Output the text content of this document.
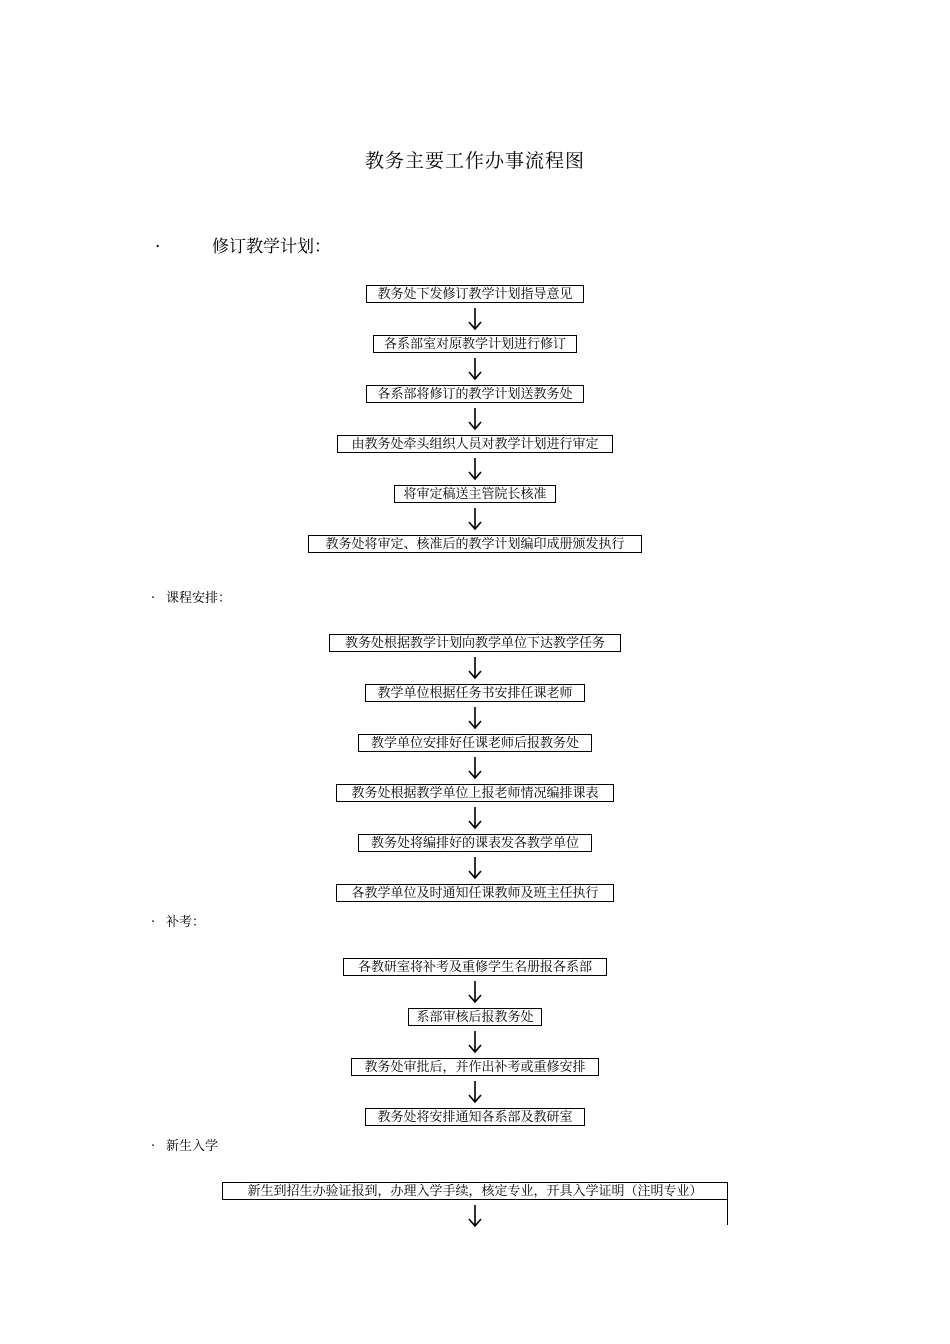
教务主要工作办事流程图
.	修订教学计划：
教务处下发修订教学计划指导意见
各系部室对原教学计划进行修订
各系部将修订的教学计划送教务处
由教务处牵头组织人员对教学计划进行审定
将审定稿送主管院长核准
教务处将审定、核准后的教学计划编印成册颁发执行
. 课程安排：
教务处根据教学计划向教学单位下达教学任务
教学单位根据任务书安排任课老师
教学单位安排好任课老师后报教务处
教务处根据教学单位上报老师情况编排课表
教务处将编排好的课表发各教学单位
各教学单位及时通知任课教师及班主任执行
. 补考：
各教研室将补考及重修学生名册报各系部
系部审核后报教务处
教务处审批后，并作出补考或重修安排
教务处将安排通知各系部及教研室
. 新生入学
新生到招生办验证报到，办理入学手续，核定专业，开具入学证明（注明专业）
